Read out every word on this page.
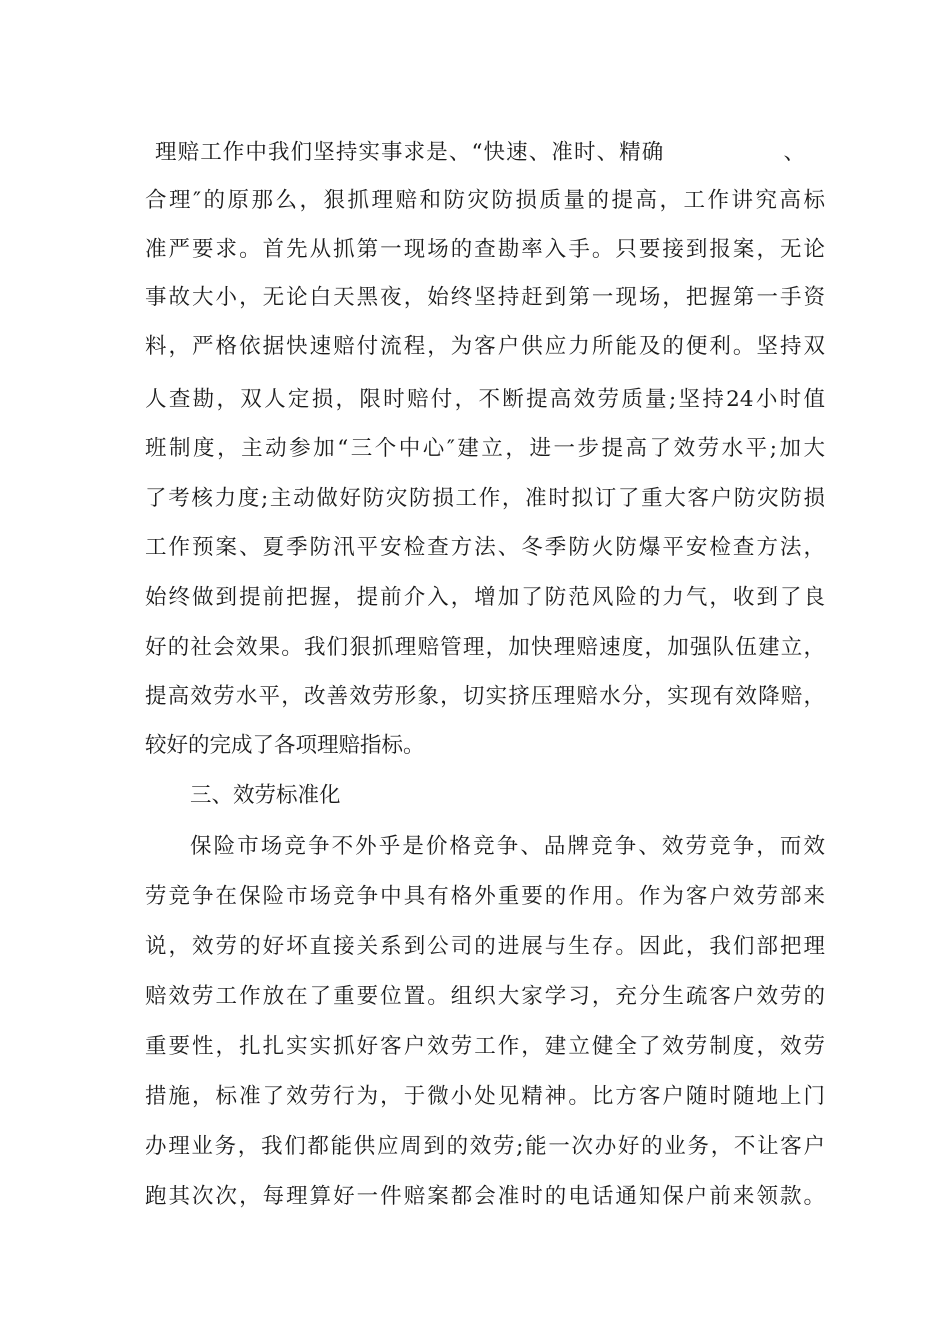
理赔工作中我们坚持实事求是、“快速、准时、精确	、
合理″的原那么，狠抓理赔和防灾防损质量的提高，工作讲究高标
准严要求。首先从抓第一现场的查勘率入手。只要接到报案，无论
事故大小，无论白天黑夜，始终坚持赶到第一现场，把握第一手资
料，严格依据快速赔付流程，为客户供应力所能及的便利。坚持双
人查勘，双人定损，限时赔付，不断提高效劳质量;坚持24小时值
班制度，主动参加“三个中心″建立，进一步提高了效劳水平;加大
了考核力度;主动做好防灾防损工作，准时拟订了重大客户防灾防损
工作预案、夏季防汛平安检查方法、冬季防火防爆平安检查方法，
始终做到提前把握，提前介入，增加了防范风险的力气，收到了良
好的社会效果。我们狠抓理赔管理，加快理赔速度，加强队伍建立，
提高效劳水平，改善效劳形象，切实挤压理赔水分，实现有效降赔，
较好的完成了各项理赔指标。
三、效劳标准化
保险市场竞争不外乎是价格竞争、品牌竞争、效劳竞争，而效
劳竞争在保险市场竞争中具有格外重要的作用。作为客户效劳部来
说，效劳的好坏直接关系到公司的进展与生存。因此，我们部把理
赔效劳工作放在了重要位置。组织大家学习，充分生疏客户效劳的
重要性，扎扎实实抓好客户效劳工作，建立健全了效劳制度，效劳
措施，标准了效劳行为，于微小处见精神。比方客户随时随地上门
办理业务，我们都能供应周到的效劳;能一次办好的业务，不让客户
跑其次次，每理算好一件赔案都会准时的电话通知保户前来领款。
